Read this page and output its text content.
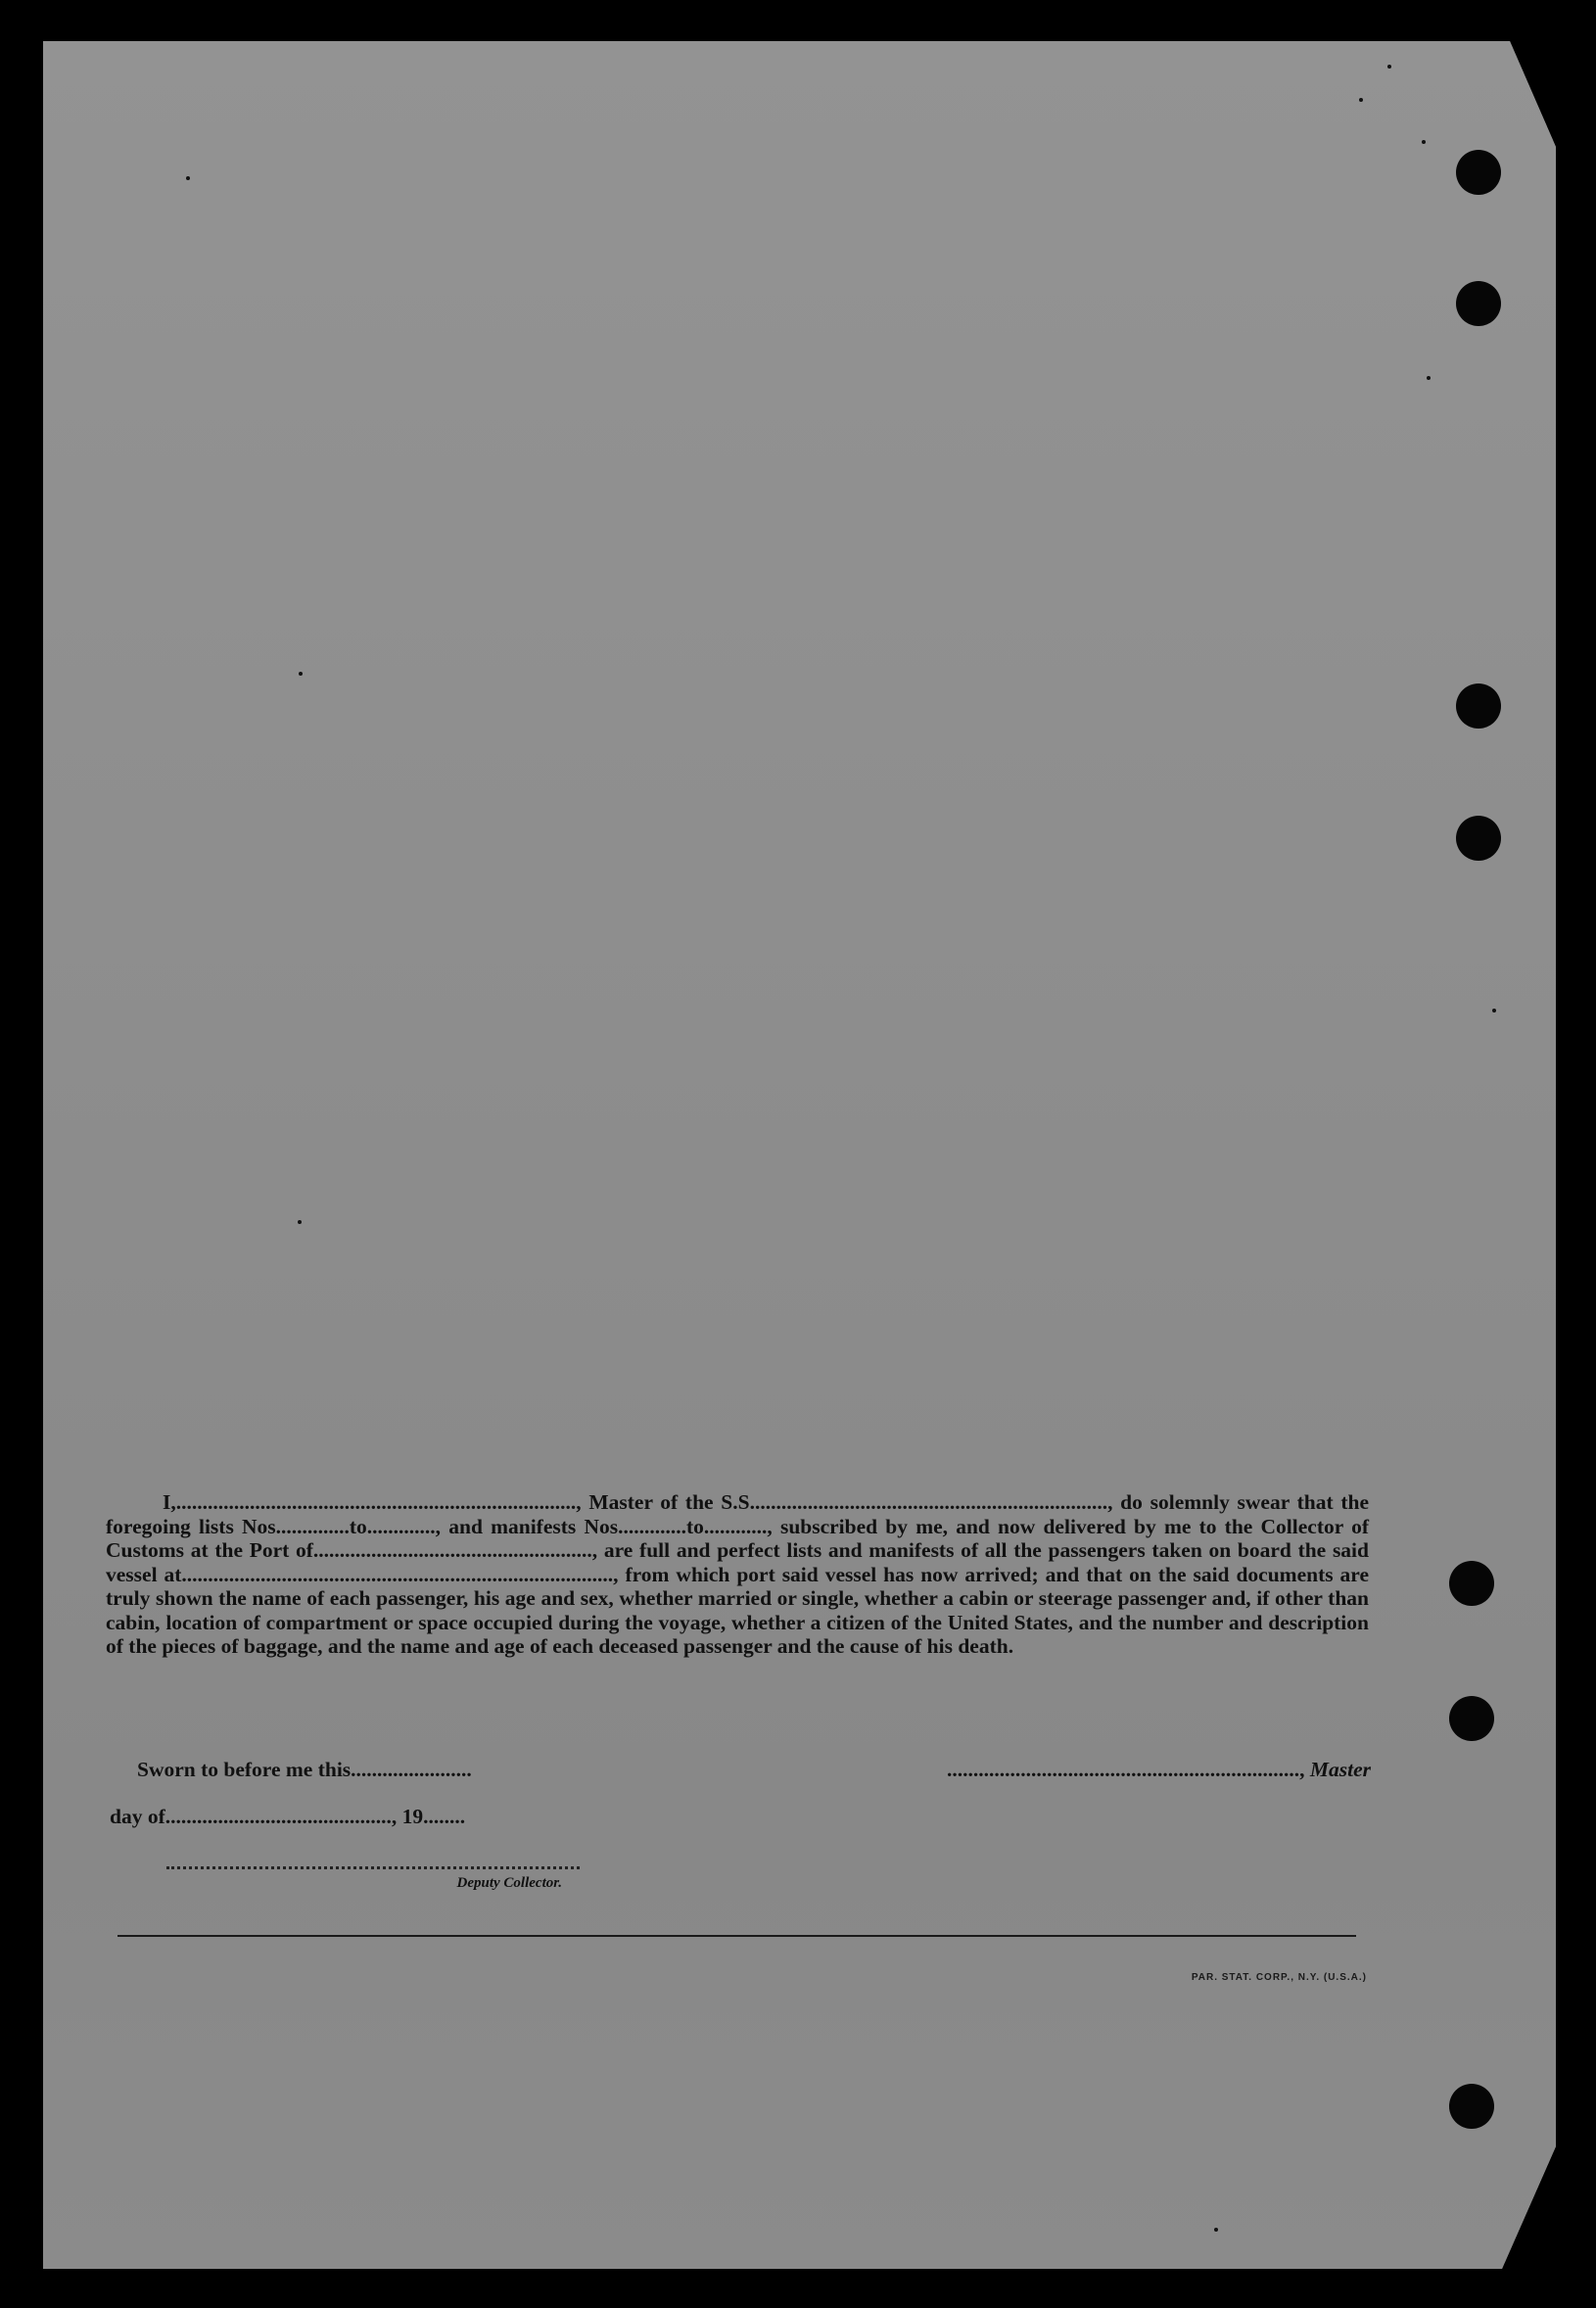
I,............................................................................, Master of the S.S...................................................................., do solemnly swear that the foregoing lists Nos..............to............., and manifests Nos.............to............, subscribed by me, and now delivered by me to the Collector of Customs at the Port of....................................................., are full and perfect lists and manifests of all the passengers taken on board the said vessel at.................................................................................., from which port said vessel has now arrived; and that on the said documents are truly shown the name of each passenger, his age and sex, whether married or single, whether a cabin or steerage passenger and, if other than cabin, location of compartment or space occupied during the voyage, whether a citizen of the United States, and the number and description of the pieces of baggage, and the name and age of each deceased passenger and the cause of his death.

Sworn to before me this.......................	..................................................................., Master
day of..........................................., 19........
Deputy Collector.
PAR. STAT. CORP., N.Y. (U.S.A.)
